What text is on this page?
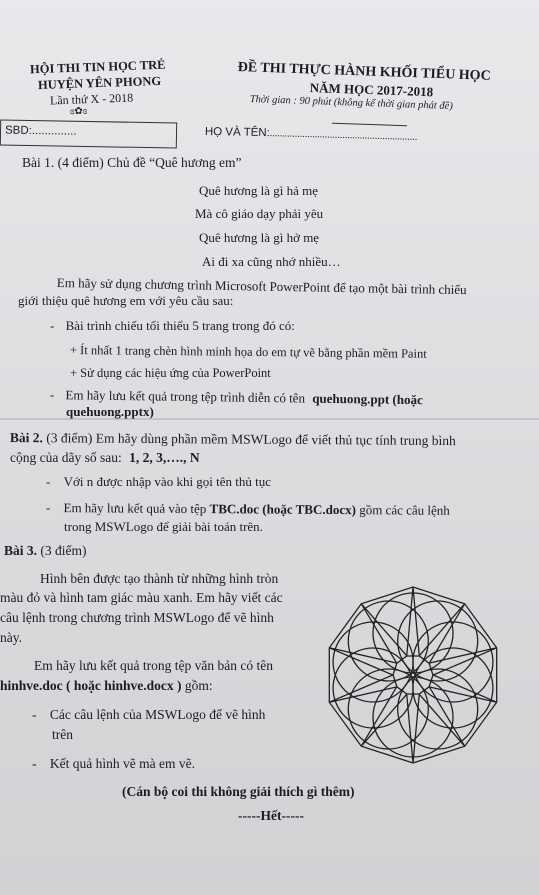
HỘI THI TIN HỌC TRẺ
HUYỆN YÊN PHONG
Lần thứ X - 2018
ɞ✿ɞ
ĐỀ THI THỰC HÀNH KHỐI TIỂU HỌC
NĂM HỌC 2017-2018
Thời gian : 90 phút (không kể thời gian phát đề)
SBD:..............	HỌ VÀ TÊN: ...........................................................
Bài 1. (4 điểm) Chủ đề “Quê hương em”
Quê hương là gì hả mẹ
Mà cô giáo dạy phải yêu
Quê hương là gì hở mẹ
Ai đi xa cũng nhớ nhiều…
Em hãy sử dụng chương trình Microsoft PowerPoint để tạo một bài trình chiếu
giới thiệu quê hương em với yêu cầu sau:
- Bài trình chiếu tối thiểu 5 trang trong đó có:
+ Ít nhất 1 trang chèn hình minh họa do em tự vẽ bằng phần mềm Paint
+ Sử dụng các hiệu ứng của PowerPoint
- Em hãy lưu kết quả trong tệp trình diễn có tên quehuong.ppt (hoặc
quehuong.pptx)
Bài 2. (3 điểm) Em hãy dùng phần mềm MSWLogo để viết thủ tục tính trung bình
cộng của dãy số sau: 1, 2, 3,…., N
- Với n được nhập vào khi gọi tên thủ tục
- Em hãy lưu kết quả vào tệp TBC.doc (hoặc TBC.docx) gồm các câu lệnh
trong MSWLogo để giải bài toán trên.
Bài 3. (3 điểm)
Hình bên được tạo thành từ những hình tròn
màu đỏ và hình tam giác màu xanh. Em hãy viết các
câu lệnh trong chương trình MSWLogo để vẽ hình
này.
Em hãy lưu kết quả trong tệp văn bản có tên
hinhve.doc ( hoặc hinhve.docx ) gồm:
- Các câu lệnh của MSWLogo để vẽ hình
trên
- Kết quả hình vẽ mà em vẽ.
(Cán bộ coi thi không giải thích gì thêm)
-----Hết-----
